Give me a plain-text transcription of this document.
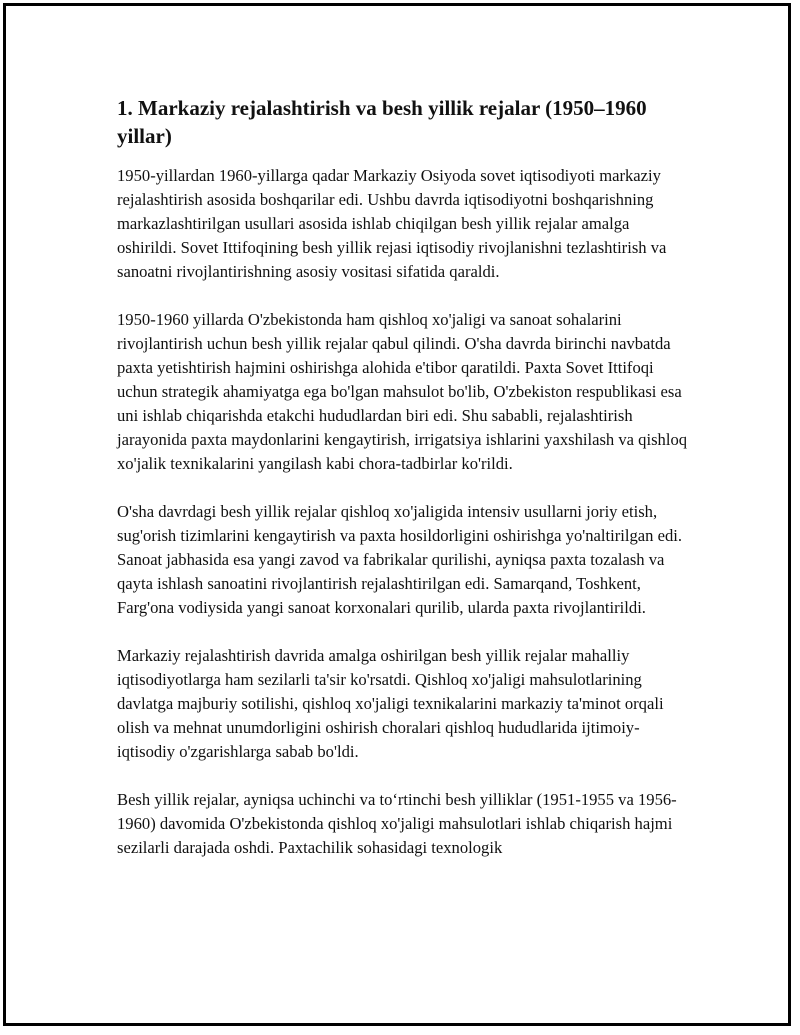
1. Markaziy rejalashtirish va besh yillik rejalar (1950–1960 yillar)

1950-yillardan 1960-yillarga qadar Markaziy Osiyoda sovet iqtisodiyoti markaziy rejalashtirish asosida boshqarilar edi. Ushbu davrda iqtisodiyotni boshqarishning markazlashtirilgan usullari asosida ishlab chiqilgan besh yillik rejalar amalga oshirildi. Sovet Ittifoqining besh yillik rejasi iqtisodiy rivojlanishni tezlashtirish va sanoatni rivojlantirishning asosiy vositasi sifatida qaraldi.

1950-1960 yillarda O'zbekistonda ham qishloq xo'jaligi va sanoat sohalarini rivojlantirish uchun besh yillik rejalar qabul qilindi. O'sha davrda birinchi navbatda paxta yetishtirish hajmini oshirishga alohida e'tibor qaratildi. Paxta Sovet Ittifoqi uchun strategik ahamiyatga ega bo'lgan mahsulot bo'lib, O'zbekiston respublikasi esa uni ishlab chiqarishda etakchi hududlardan biri edi. Shu sababli, rejalashtirish jarayonida paxta maydonlarini kengaytirish, irrigatsiya ishlarini yaxshilash va qishloq xo'jalik texnikalarini yangilash kabi chora-tadbirlar ko'rildi.

O'sha davrdagi besh yillik rejalar qishloq xo'jaligida intensiv usullarni joriy etish, sug'orish tizimlarini kengaytirish va paxta hosildorligini oshirishga yo'naltirilgan edi. Sanoat jabhasida esa yangi zavod va fabrikalar qurilishi, ayniqsa paxta tozalash va qayta ishlash sanoatini rivojlantirish rejalashtirilgan edi. Samarqand, Toshkent, Farg'ona vodiysida yangi sanoat korxonalari qurilib, ularda paxta rivojlantirildi.

Markaziy rejalashtirish davrida amalga oshirilgan besh yillik rejalar mahalliy iqtisodiyotlarga ham sezilarli ta'sir ko'rsatdi. Qishloq xo'jaligi mahsulotlarining davlatga majburiy sotilishi, qishloq xo'jaligi texnikalarini markaziy ta'minot orqali olish va mehnat unumdorligini oshirish choralari qishloq hududlarida ijtimoiy-iqtisodiy o'zgarishlarga sabab bo'ldi.

Besh yillik rejalar, ayniqsa uchinchi va to‘rtinchi besh yilliklar (1951-1955 va 1956-1960) davomida O'zbekistonda qishloq xo'jaligi mahsulotlari ishlab chiqarish hajmi sezilarli darajada oshdi. Paxtachilik sohasidagi texnologik
